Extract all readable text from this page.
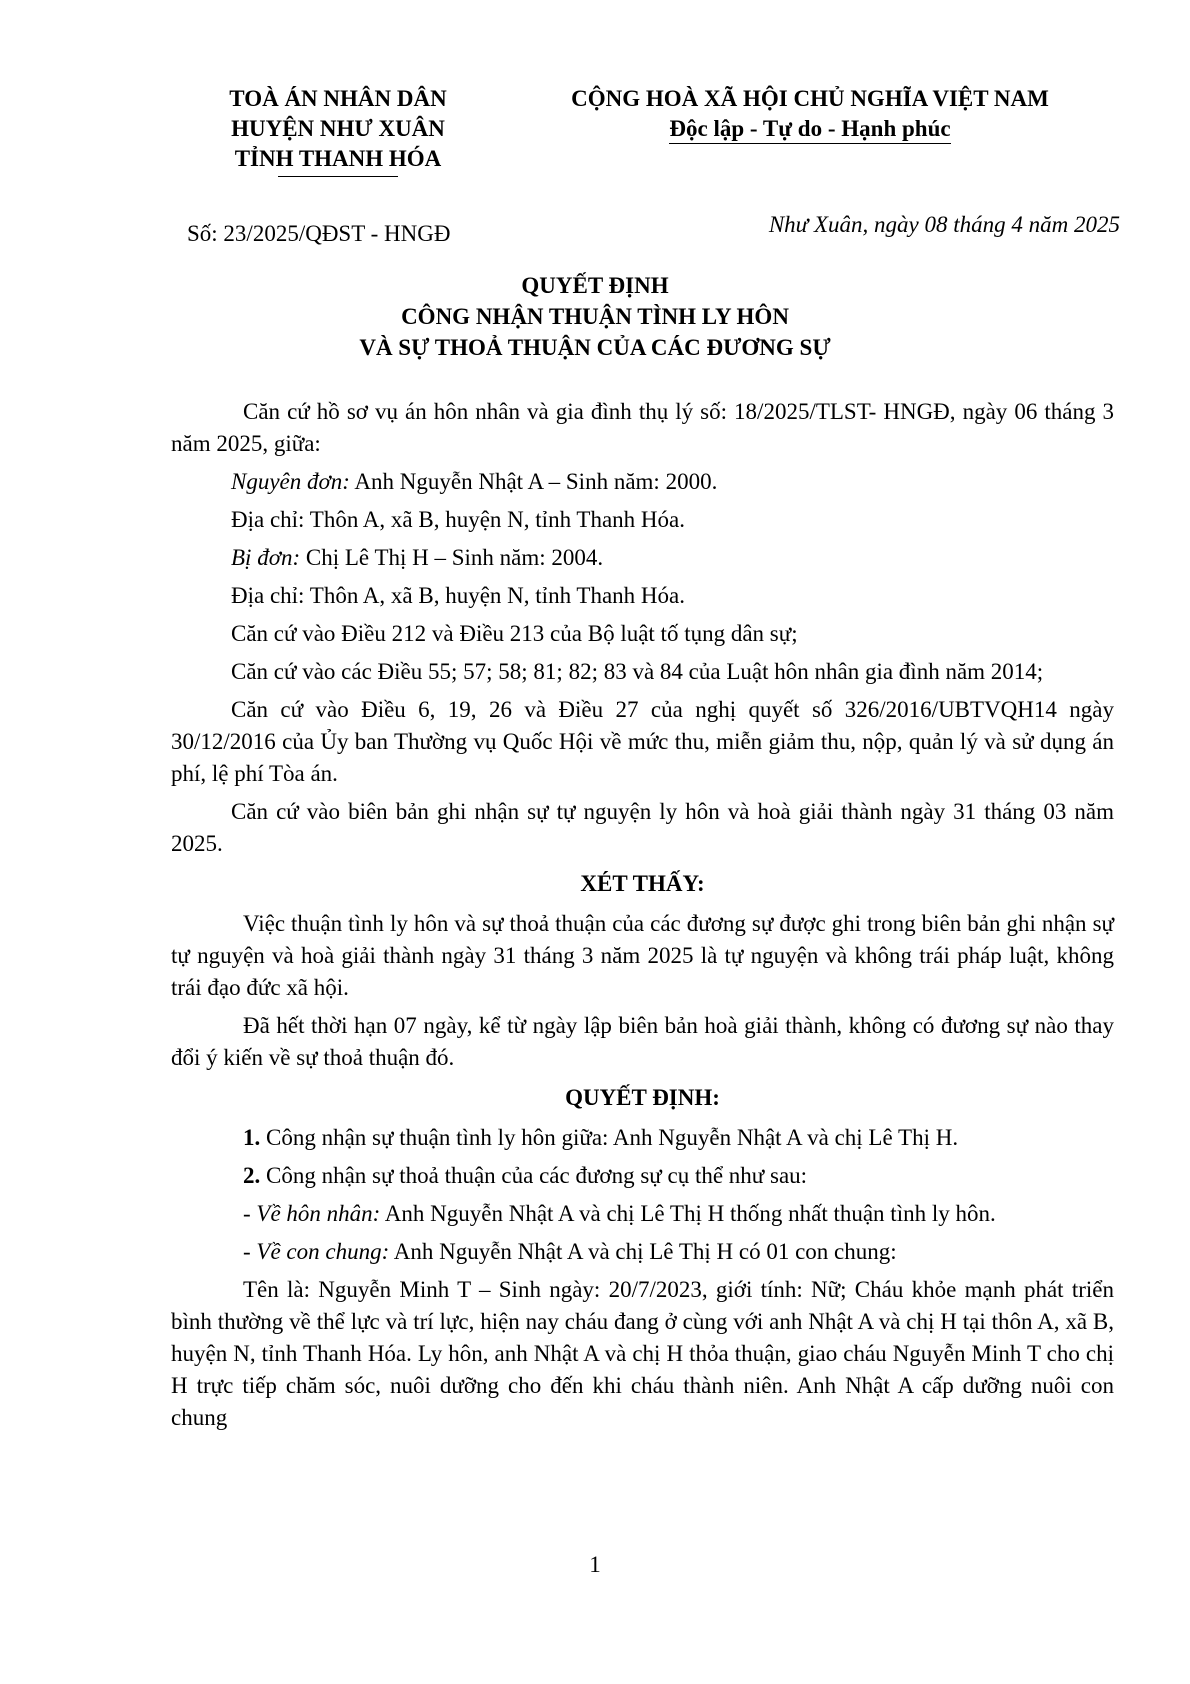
TOÀ ÁN NHÂN DÂN
HUYỆN NHƯ XUÂN
TỈNH THANH HÓA
CỘNG HOÀ XÃ HỘI CHỦ NGHĨA VIỆT NAM
Độc lập - Tự do - Hạnh phúc
Số: 23/2025/QĐST - HNGĐ	Như Xuân, ngày 08 tháng 4 năm 2025
QUYẾT ĐỊNH
CÔNG NHẬN THUẬN TÌNH LY HÔN
VÀ SỰ THOẢ THUẬN CỦA CÁC ĐƯƠNG SỰ

Căn cứ hồ sơ vụ án hôn nhân và gia đình thụ lý số: 18/2025/TLST- HNGĐ, ngày 06 tháng 3 năm 2025, giữa:

Nguyên đơn: Anh Nguyễn Nhật A – Sinh năm: 2000.

Địa chỉ: Thôn A, xã B, huyện N, tỉnh Thanh Hóa.

Bị đơn: Chị Lê Thị H – Sinh năm: 2004.

Địa chỉ: Thôn A, xã B, huyện N, tỉnh Thanh Hóa.

Căn cứ vào Điều 212 và Điều 213 của Bộ luật tố tụng dân sự;

Căn cứ vào các Điều 55; 57; 58; 81; 82; 83 và 84 của Luật hôn nhân gia đình năm 2014;

Căn cứ vào Điều 6, 19, 26 và Điều 27 của nghị quyết số 326/2016/UBTVQH14 ngày 30/12/2016 của Ủy ban Thường vụ Quốc Hội về mức thu, miễn giảm thu, nộp, quản lý và sử dụng án phí, lệ phí Tòa án.

Căn cứ vào biên bản ghi nhận sự tự nguyện ly hôn và hoà giải thành ngày 31 tháng 03 năm 2025.

XÉT THẤY:

Việc thuận tình ly hôn và sự thoả thuận của các đương sự được ghi trong biên bản ghi nhận sự tự nguyện và hoà giải thành ngày 31 tháng 3 năm 2025 là tự nguyện và không trái pháp luật, không trái đạo đức xã hội.

Đã hết thời hạn 07 ngày, kể từ ngày lập biên bản hoà giải thành, không có đương sự nào thay đổi ý kiến về sự thoả thuận đó.

QUYẾT ĐỊNH:

1. Công nhận sự thuận tình ly hôn giữa: Anh Nguyễn Nhật A và chị Lê Thị H.

2. Công nhận sự thoả thuận của các đương sự cụ thể như sau:

- Về hôn nhân: Anh Nguyễn Nhật A và chị Lê Thị H thống nhất thuận tình ly hôn.

- Về con chung: Anh Nguyễn Nhật A và chị Lê Thị H có 01 con chung:

Tên là: Nguyễn Minh T – Sinh ngày: 20/7/2023, giới tính: Nữ; Cháu khỏe mạnh phát triển bình thường về thể lực và trí lực, hiện nay cháu đang ở cùng với anh Nhật A và chị H tại thôn A, xã B, huyện N, tỉnh Thanh Hóa. Ly hôn, anh Nhật A và chị H thỏa thuận, giao cháu Nguyễn Minh T cho chị H trực tiếp chăm sóc, nuôi dưỡng cho đến khi cháu thành niên. Anh Nhật A cấp dưỡng nuôi con chung

1
